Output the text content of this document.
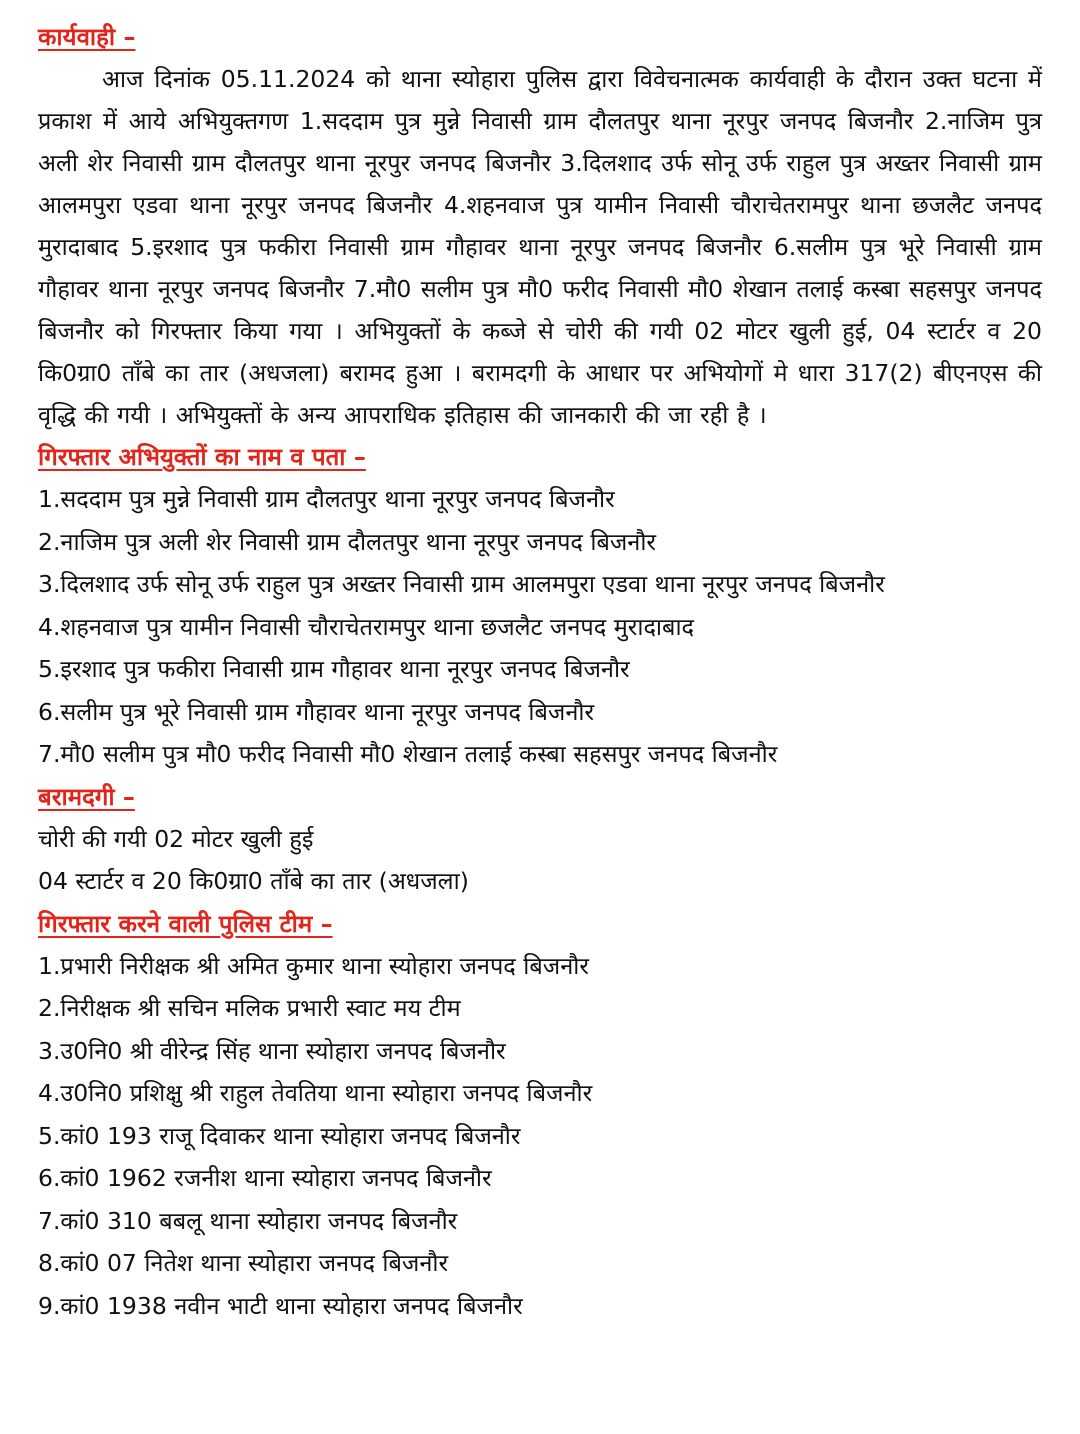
कार्यवाही –

आज दिनांक 05.11.2024 को थाना स्योहारा पुलिस द्वारा विवेचनात्मक कार्यवाही के दौरान उक्त घटना में प्रकाश में आये अभियुक्तगण 1.सददाम पुत्र मुन्ने निवासी ग्राम दौलतपुर थाना नूरपुर जनपद बिजनौर 2.नाजिम पुत्र अली शेर निवासी ग्राम दौलतपुर थाना नूरपुर जनपद बिजनौर 3.दिलशाद उर्फ सोनू उर्फ राहुल पुत्र अख्तर निवासी ग्राम आलमपुरा एडवा थाना नूरपुर जनपद बिजनौर 4.शहनवाज पुत्र यामीन निवासी चौराचेतरामपुर थाना छजलैट जनपद मुरादाबाद 5.इरशाद पुत्र फकीरा निवासी ग्राम गौहावर थाना नूरपुर जनपद बिजनौर 6.सलीम पुत्र भूरे निवासी ग्राम गौहावर थाना नूरपुर जनपद बिजनौर 7.मौ0 सलीम पुत्र मौ0 फरीद निवासी मौ0 शेखान तलाई कस्बा सहसपुर जनपद बिजनौर को गिरफ्तार किया गया । अभियुक्तों के कब्जे से चोरी की गयी 02 मोटर खुली हुई, 04 स्टार्टर व 20 कि0ग्रा0 ताँबे का तार (अधजला) बरामद हुआ । बरामदगी के आधार पर अभियोगों मे धारा 317(2) बीएनएस की वृद्धि की गयी । अभियुक्तों के अन्य आपराधिक इतिहास की जानकारी की जा रही है ।

गिरफ्तार अभियुक्तों का नाम व पता –
1.सददाम पुत्र मुन्ने निवासी ग्राम दौलतपुर थाना नूरपुर जनपद बिजनौर
2.नाजिम पुत्र अली शेर निवासी ग्राम दौलतपुर थाना नूरपुर जनपद बिजनौर
3.दिलशाद उर्फ सोनू उर्फ राहुल पुत्र अख्तर निवासी ग्राम आलमपुरा एडवा थाना नूरपुर जनपद बिजनौर
4.शहनवाज पुत्र यामीन निवासी चौराचेतरामपुर थाना छजलैट जनपद मुरादाबाद
5.इरशाद पुत्र फकीरा निवासी ग्राम गौहावर थाना नूरपुर जनपद बिजनौर
6.सलीम पुत्र भूरे निवासी ग्राम गौहावर थाना नूरपुर जनपद बिजनौर
7.मौ0 सलीम पुत्र मौ0 फरीद निवासी मौ0 शेखान तलाई कस्बा सहसपुर जनपद बिजनौर
बरामदगी –
चोरी की गयी 02 मोटर खुली हुई
04 स्टार्टर व 20 कि0ग्रा0 ताँबे का तार (अधजला)
गिरफ्तार करने वाली पुलिस टीम –
1.प्रभारी निरीक्षक श्री अमित कुमार थाना स्योहारा जनपद बिजनौर
2.निरीक्षक श्री सचिन मलिक प्रभारी स्वाट मय टीम
3.उ0नि0 श्री वीरेन्द्र सिंह थाना स्योहारा जनपद बिजनौर
4.उ0नि0 प्रशिक्षु श्री राहुल तेवतिया थाना स्योहारा जनपद बिजनौर
5.कां0 193 राजू दिवाकर थाना स्योहारा जनपद बिजनौर
6.कां0 1962 रजनीश थाना स्योहारा जनपद बिजनौर
7.कां0 310 बबलू थाना स्योहारा जनपद बिजनौर
8.कां0 07 नितेश थाना स्योहारा जनपद बिजनौर
9.कां0 1938 नवीन भाटी थाना स्योहारा जनपद बिजनौर
